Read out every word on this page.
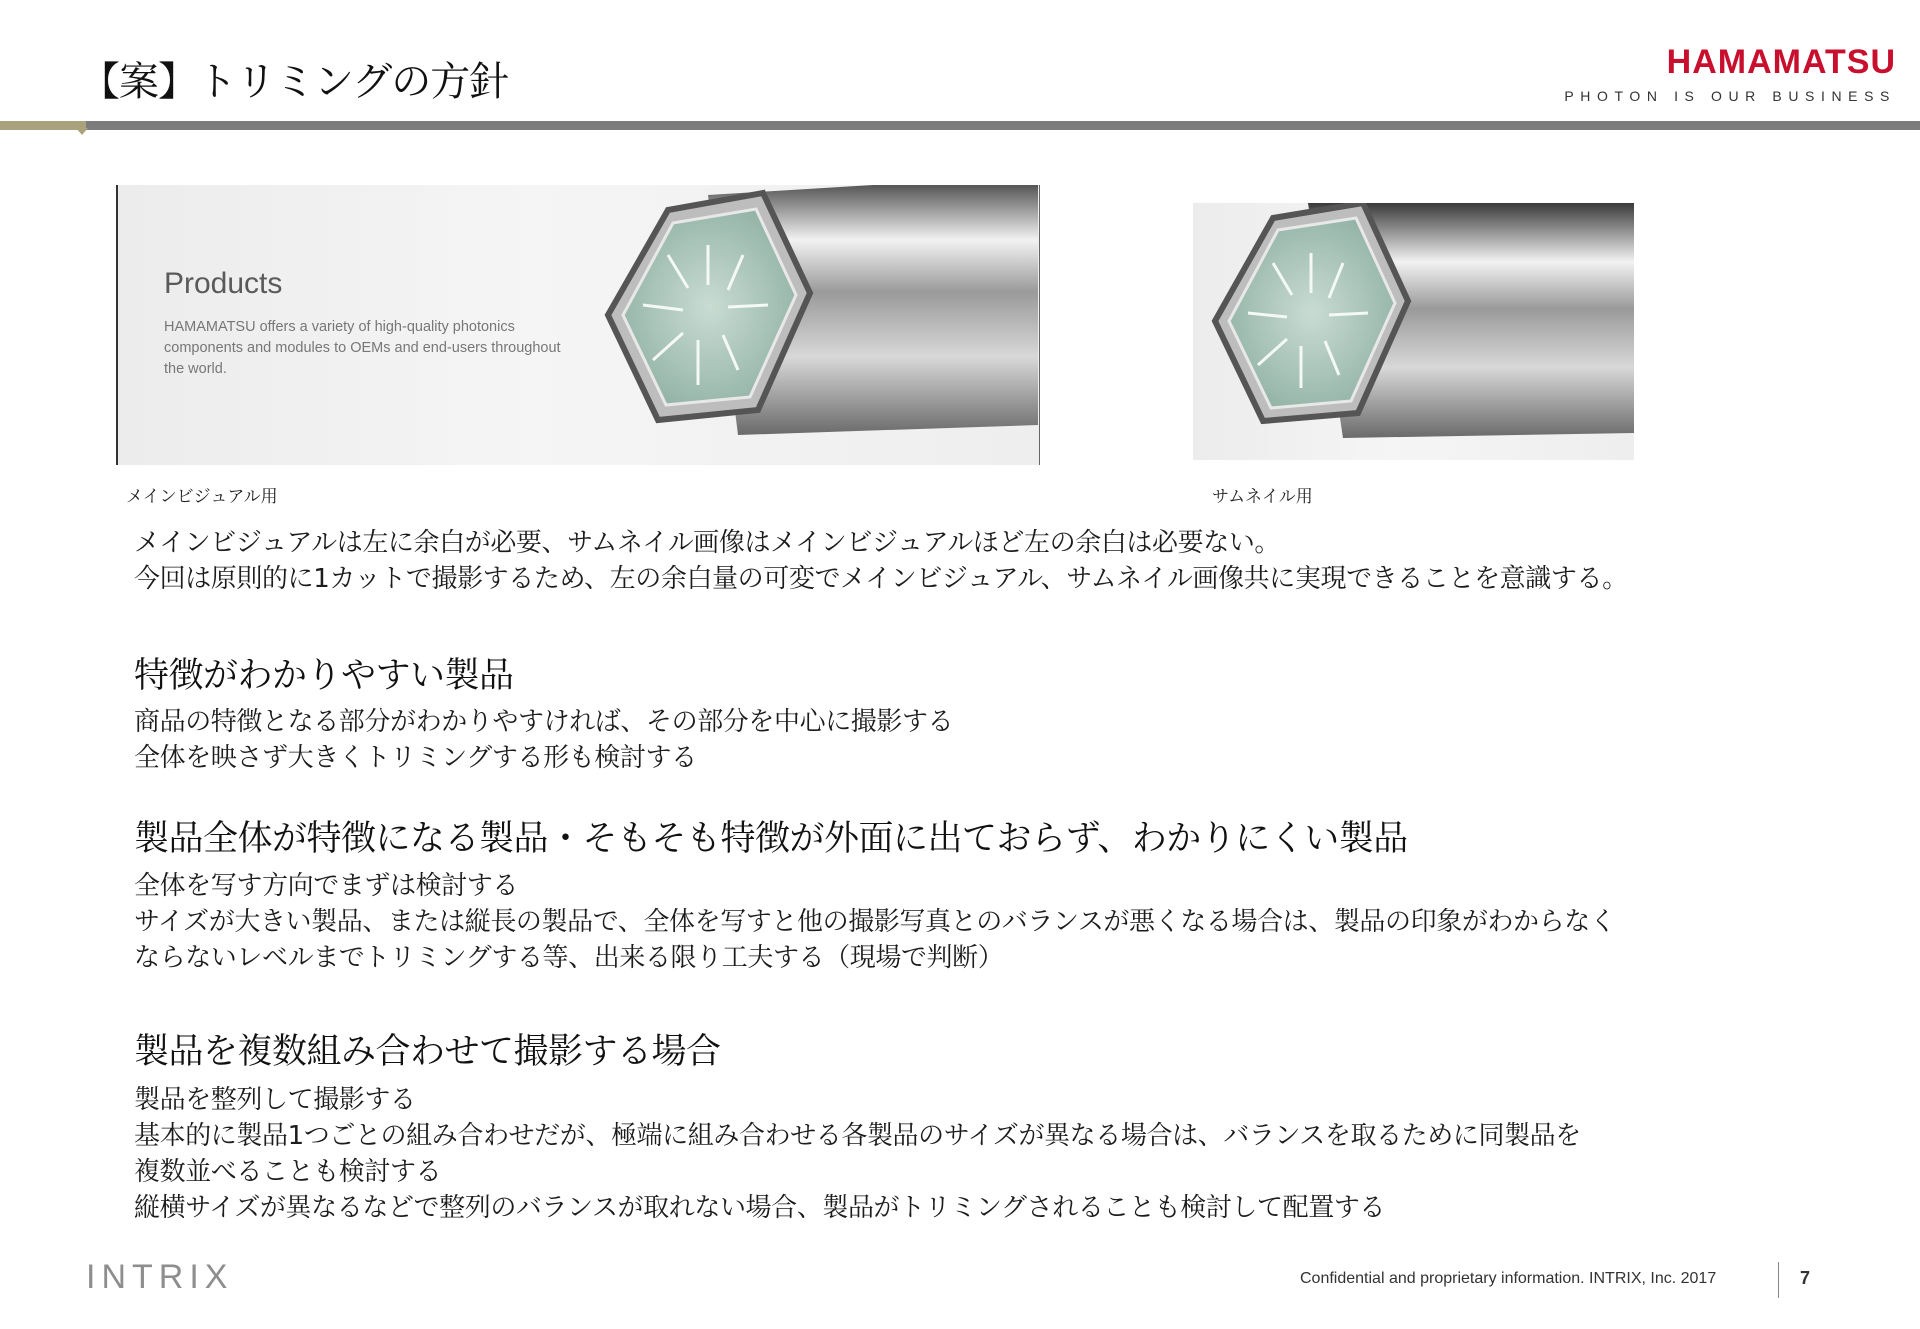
【案】トリミングの方針	HAMAMATSU
PHOTON IS OUR BUSINESS
Products
HAMAMATSU offers a variety of high-quality photonics components and modules to OEMs and end-users throughout the world.
メインビジュアル用	サムネイル用

メインビジュアルは左に余白が必要、サムネイル画像はメインビジュアルほど左の余白は必要ない。

今回は原則的に1カットで撮影するため、左の余白量の可変でメインビジュアル、サムネイル画像共に実現できることを意識する。

特徴がわかりやすい製品

商品の特徴となる部分がわかりやすければ、その部分を中心に撮影する

全体を映さず大きくトリミングする形も検討する

製品全体が特徴になる製品・そもそも特徴が外面に出ておらず、わかりにくい製品

全体を写す方向でまずは検討する

サイズが大きい製品、または縦長の製品で、全体を写すと他の撮影写真とのバランスが悪くなる場合は、製品の印象がわからなく

ならないレベルまでトリミングする等、出来る限り工夫する（現場で判断）

製品を複数組み合わせて撮影する場合

製品を整列して撮影する

基本的に製品1つごとの組み合わせだが、極端に組み合わせる各製品のサイズが異なる場合は、バランスを取るために同製品を

複数並べることも検討する

縦横サイズが異なるなどで整列のバランスが取れない場合、製品がトリミングされることも検討して配置する

INTRIX	Confidential and proprietary information. INTRIX, Inc. 2017	7
